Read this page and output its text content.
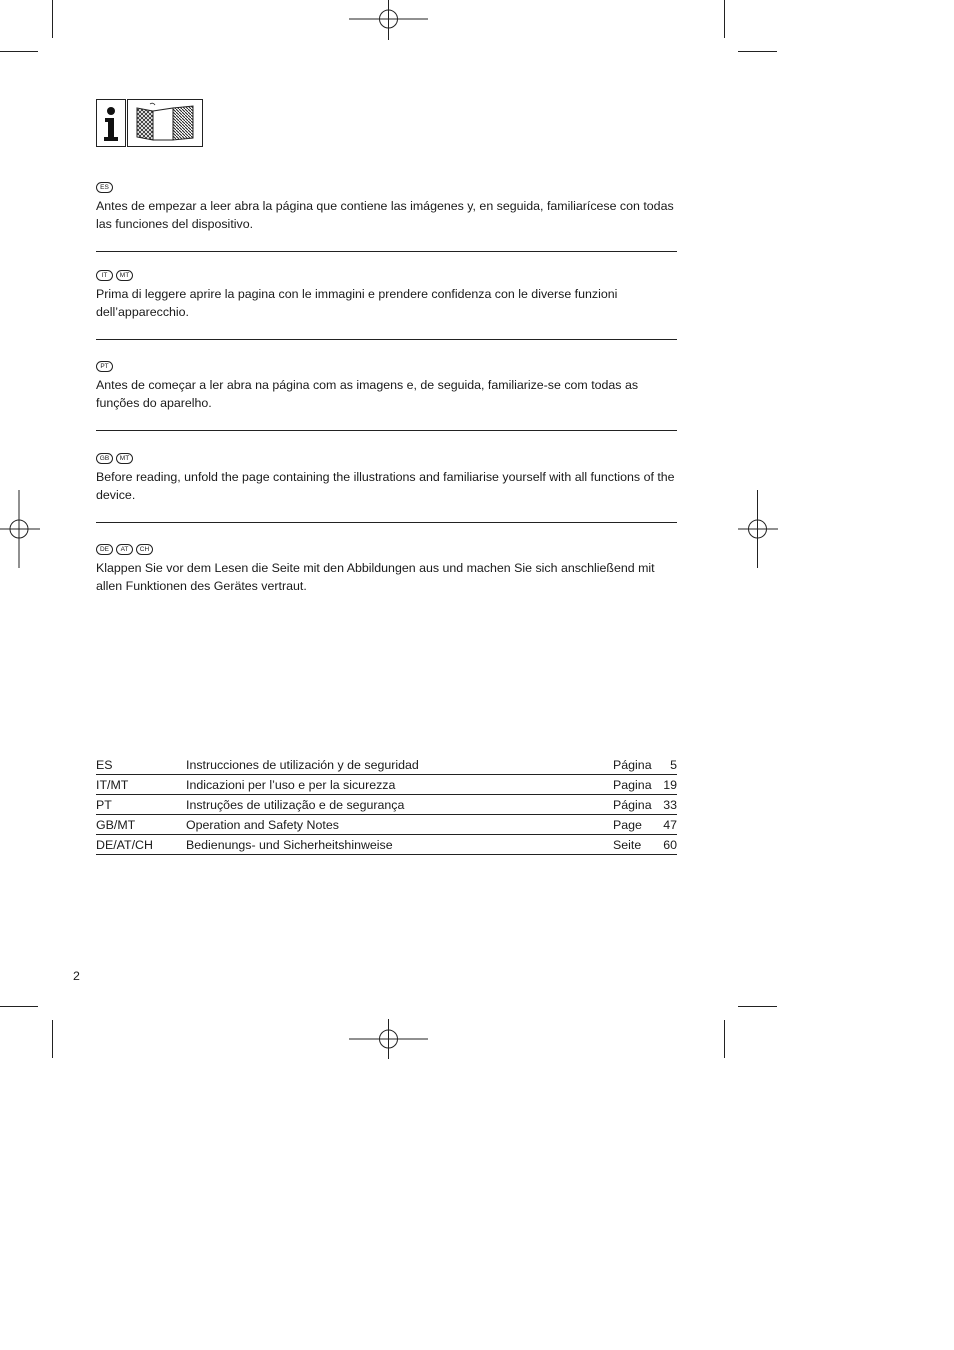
ES
Antes de empezar a leer abra la página que contiene las imágenes y, en seguida, familiarícese con todas las funciones del dispositivo.
IT	MT
Prima di leggere aprire la pagina con le immagini e prendere confidenza con le diverse funzioni dell’apparecchio.
PT
Antes de começar a ler abra na página com as imagens e, de seguida, familiarize-se com todas as funções do aparelho.
GB	MT
Before reading, unfold the page containing the illustrations and familiarise yourself with all functions of the device.
DE	AT	CH
Klappen Sie vor dem Lesen die Seite mit den Abbildungen aus und machen Sie sich anschließend mit allen Funktionen des Gerätes vertraut.
ES	Instrucciones de utilización y de seguridad	Página	5
IT/MT	Indicazioni per l’uso e per la sicurezza	Pagina 19
PT	Instruções de utilização e de segurança	Página 33
GB/MT	Operation and Safety Notes	Page	47
DE/AT/CH	Bedienungs- und Sicherheitshinweise	Seite	60
2
